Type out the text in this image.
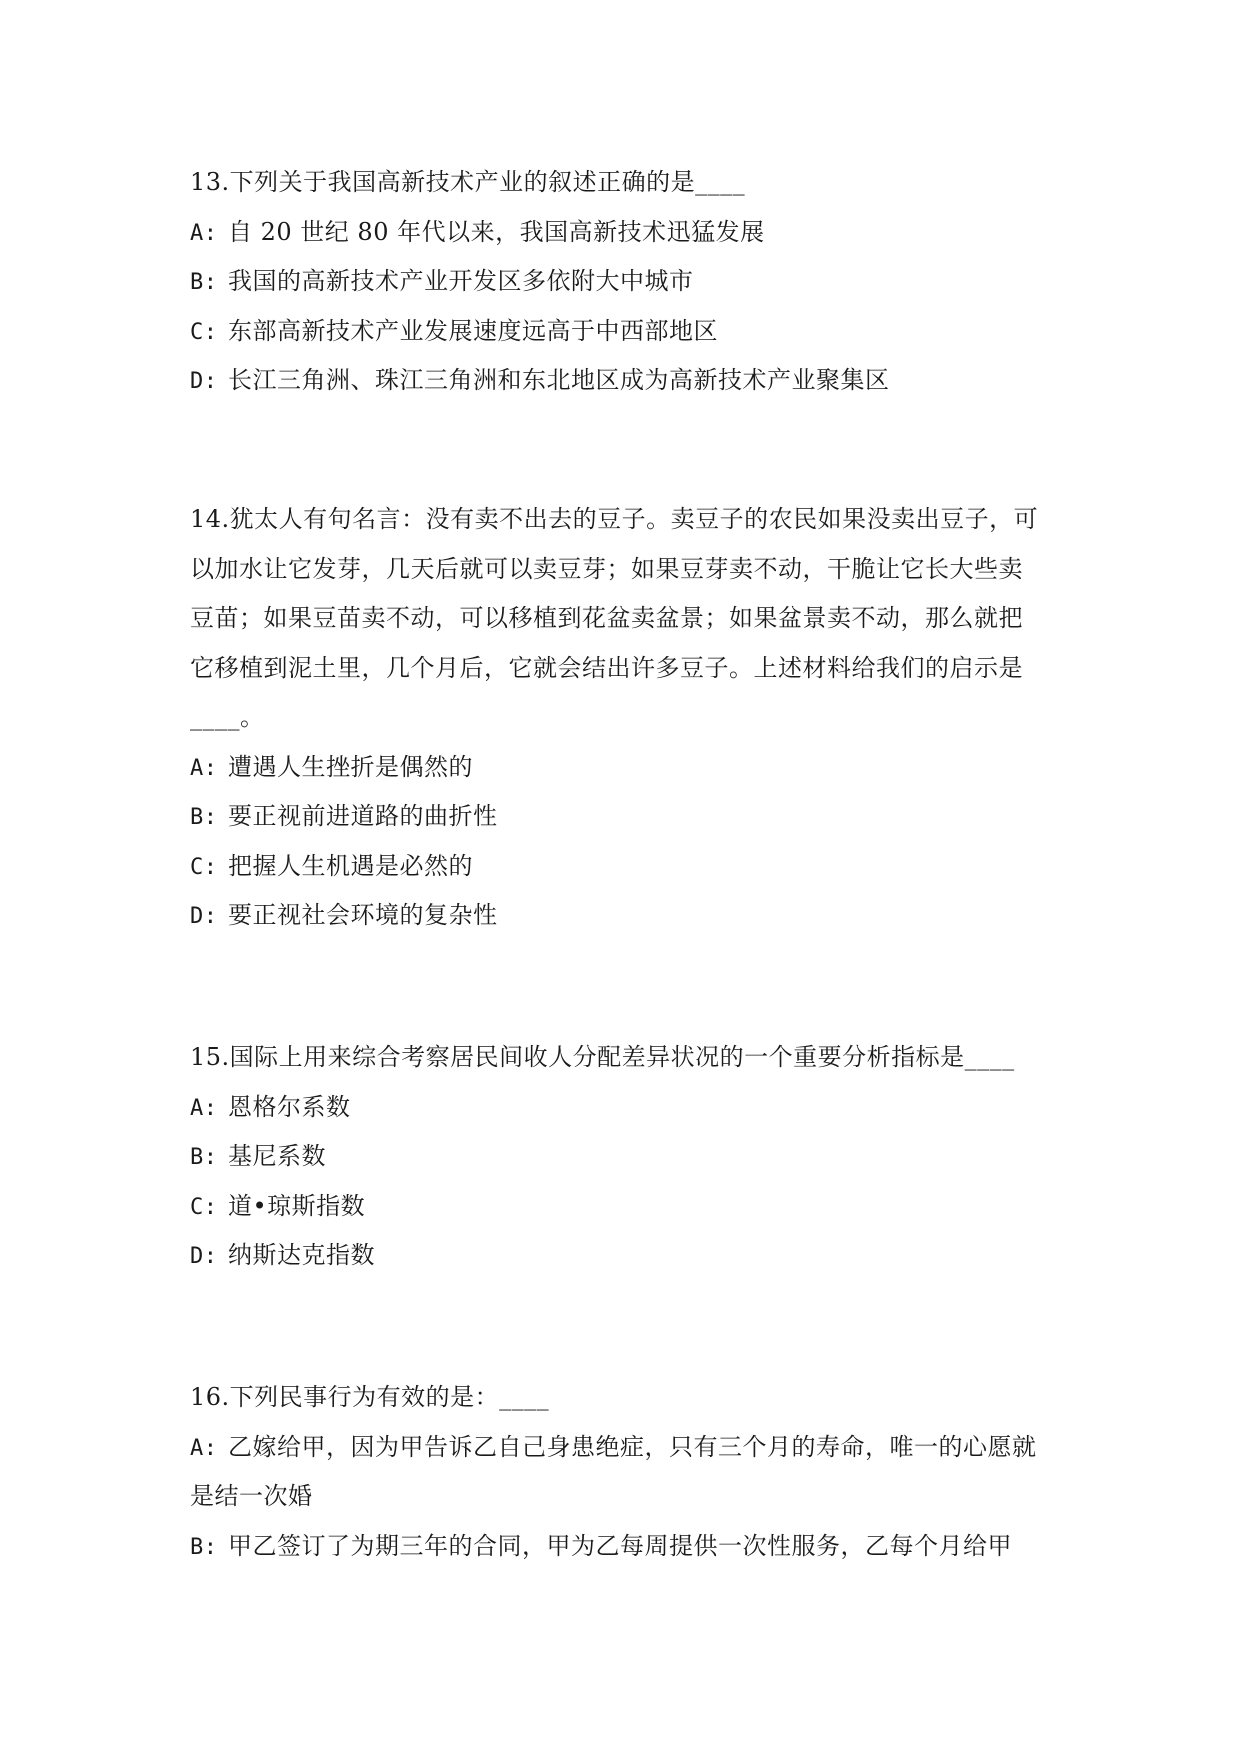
13.下列关于我国高新技术产业的叙述正确的是____
A: 自 20 世纪 80 年代以来，我国高新技术迅猛发展
B: 我国的高新技术产业开发区多依附大中城市
C: 东部高新技术产业发展速度远高于中西部地区
D: 长江三角洲、珠江三角洲和东北地区成为高新技术产业聚集区
14.犹太人有句名言：没有卖不出去的豆子。卖豆子的农民如果没卖出豆子，可
以加水让它发芽，几天后就可以卖豆芽；如果豆芽卖不动，干脆让它长大些卖
豆苗；如果豆苗卖不动，可以移植到花盆卖盆景；如果盆景卖不动，那么就把
它移植到泥土里，几个月后，它就会结出许多豆子。上述材料给我们的启示是
____。
A: 遭遇人生挫折是偶然的
B: 要正视前进道路的曲折性
C: 把握人生机遇是必然的
D: 要正视社会环境的复杂性
15.国际上用来综合考察居民间收人分配差异状况的一个重要分析指标是____
A: 恩格尔系数
B: 基尼系数
C: 道•琼斯指数
D: 纳斯达克指数
16.下列民事行为有效的是：____
A: 乙嫁给甲，因为甲告诉乙自己身患绝症，只有三个月的寿命，唯一的心愿就
是结一次婚
B: 甲乙签订了为期三年的合同，甲为乙每周提供一次性服务，乙每个月给甲
